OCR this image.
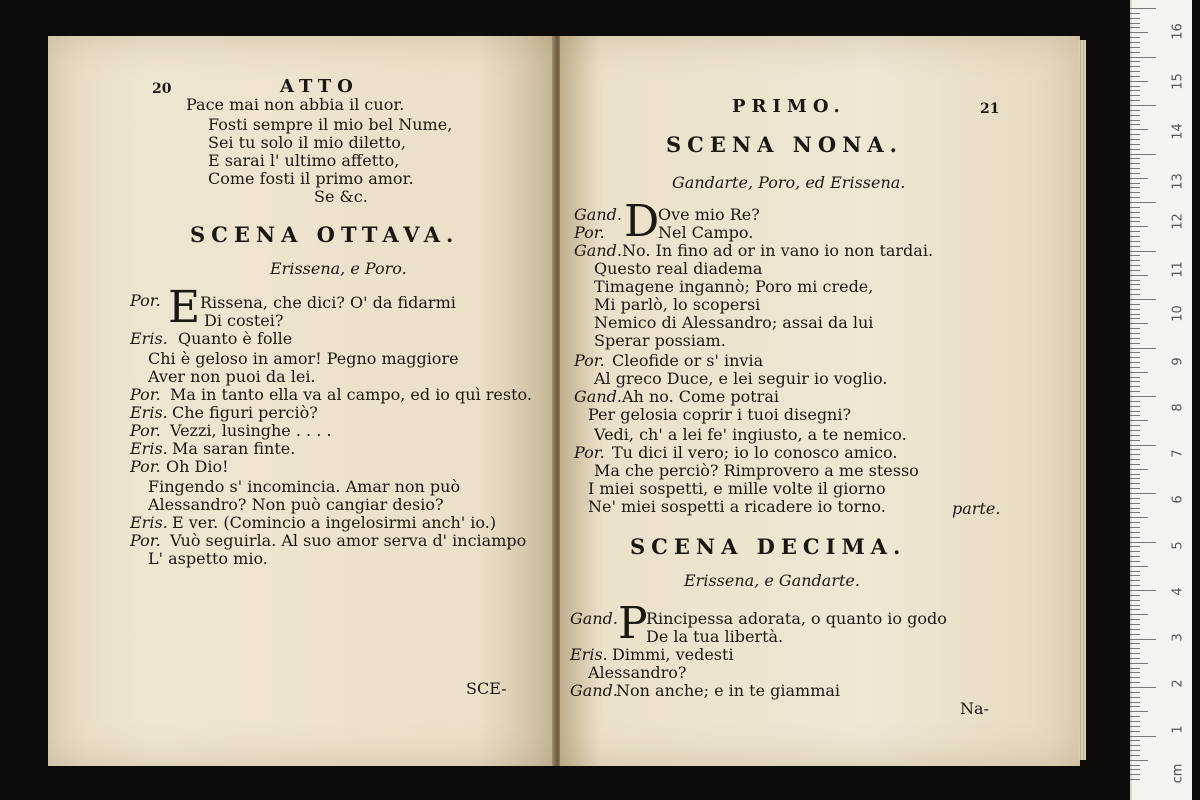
20	ATTO
Pace mai non abbia il cuor.
Fosti sempre il mio bel Nume,
Sei tu solo il mio diletto,
E sarai l' ultimo affetto,
Come fosti il primo amor.
Se &c.
SCENA OTTAVA.
Erissena, e Poro.
E
Por. Rissena, che dici? O' da fidarmi
Di costei?
Eris. Quanto è folle
Chi è geloso in amor! Pegno maggiore
Aver non puoi da lei.
Por. Ma in tanto ella va al campo, ed io quì resto.
Eris. Che figuri perciò?
Por. Vezzi, lusinghe . . . .
Eris. Ma saran finte.
Por. Oh Dio!
Fingendo s' incomincia. Amar non può
Alessandro? Non può cangiar desio?
Eris. E ver. (Comincio a ingelosirmi anch' io.)
Por. Vuò seguirla. Al suo amor serva d' inciampo
L' aspetto mio.
SCE-
PRIMO.	21
SCENA NONA.
Gandarte, Poro, ed Erissena.
D
Gand. Ove mio Re?
Por.	Nel Campo.
Gand. No. In fino ad or in vano io non tardai.
Questo real diadema
Timagene ingannò; Poro mi crede,
Mi parlò, lo scopersi
Nemico di Alessandro; assai da lui
Sperar possiam.
Por. Cleofide or s' invia
Al greco Duce, e lei seguir io voglio.
Gand. Ah no. Come potrai
Per gelosia coprir i tuoi disegni?
Vedi, ch' a lei fe' ingiusto, a te nemico.
Por. Tu dici il vero; io lo conosco amico.
Ma che perciò? Rimprovero a me stesso
I miei sospetti, e mille volte il giorno
Ne' miei sospetti a ricadere io torno.	parte.
SCENA DECIMA.
Erissena, e Gandarte.
P
Gand. Rincipessa adorata, o quanto io godo
De la tua libertà.
Eris. Dimmi, vedesti
Alessandro?
Gand.
Non anche; e in te giammai
Na-
16
15
14
13
12
11
10
9
8
7
6
5
4
3
2
1
cm
